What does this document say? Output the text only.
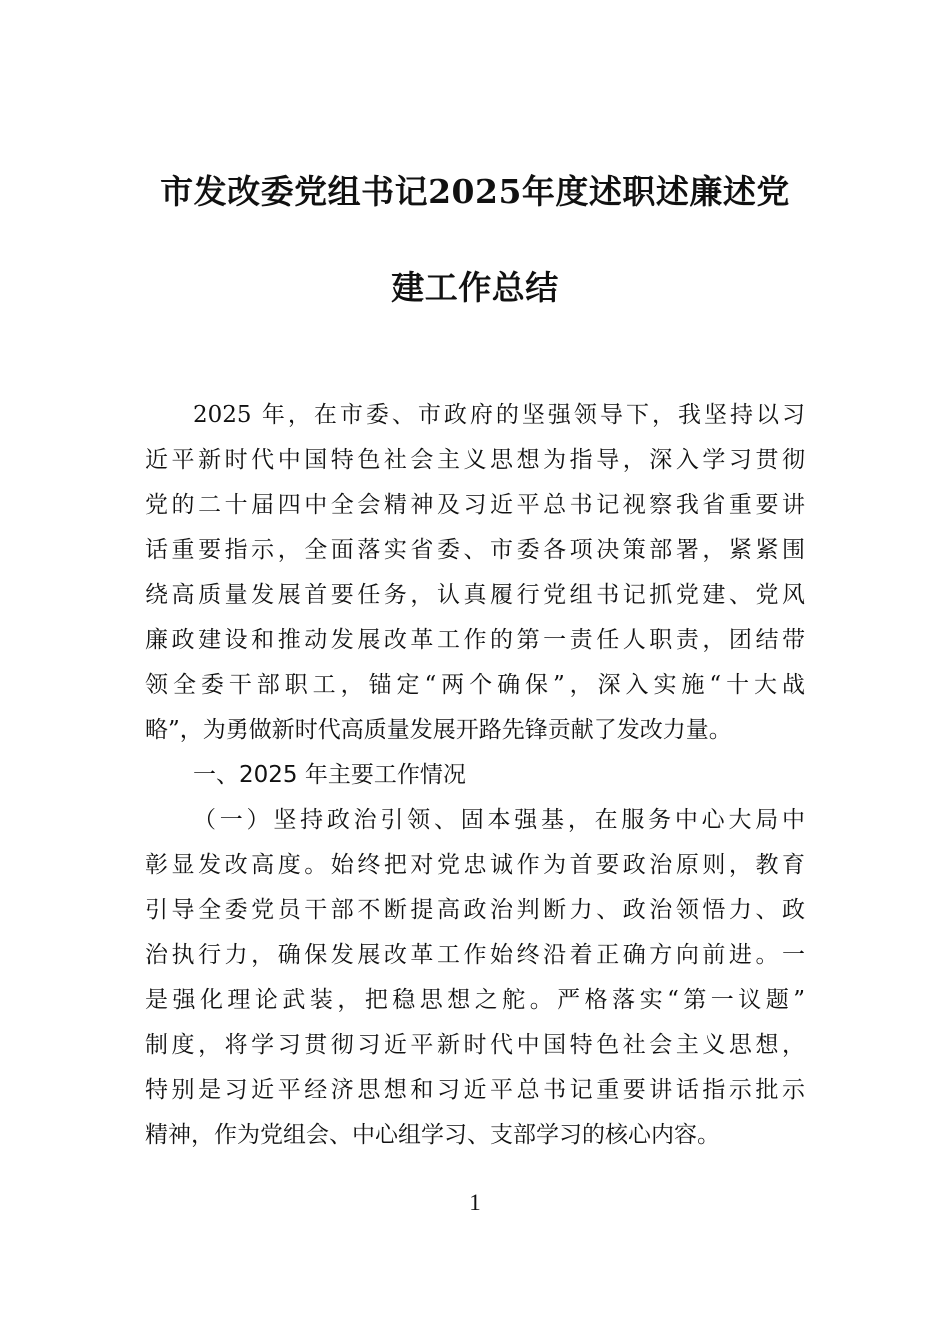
市发改委党组书记2025年度述职述廉述党
建工作总结
2025 年，在市委、市政府的坚强领导下，我坚持以习
近平新时代中国特色社会主义思想为指导，深入学习贯彻
党的二十届四中全会精神及习近平总书记视察我省重要讲
话重要指示，全面落实省委、市委各项决策部署，紧紧围
绕高质量发展首要任务，认真履行党组书记抓党建、党风
廉政建设和推动发展改革工作的第一责任人职责，团结带
领全委干部职工，锚定“两个确保”，深入实施“十大战
略”，为勇做新时代高质量发展开路先锋贡献了发改力量。
一、2025 年主要工作情况
（一）坚持政治引领、固本强基，在服务中心大局中
彰显发改高度。始终把对党忠诚作为首要政治原则，教育
引导全委党员干部不断提高政治判断力、政治领悟力、政
治执行力，确保发展改革工作始终沿着正确方向前进。一
是强化理论武装，把稳思想之舵。严格落实“第一议题”
制度，将学习贯彻习近平新时代中国特色社会主义思想，
特别是习近平经济思想和习近平总书记重要讲话指示批示
精神，作为党组会、中心组学习、支部学习的核心内容。
1
